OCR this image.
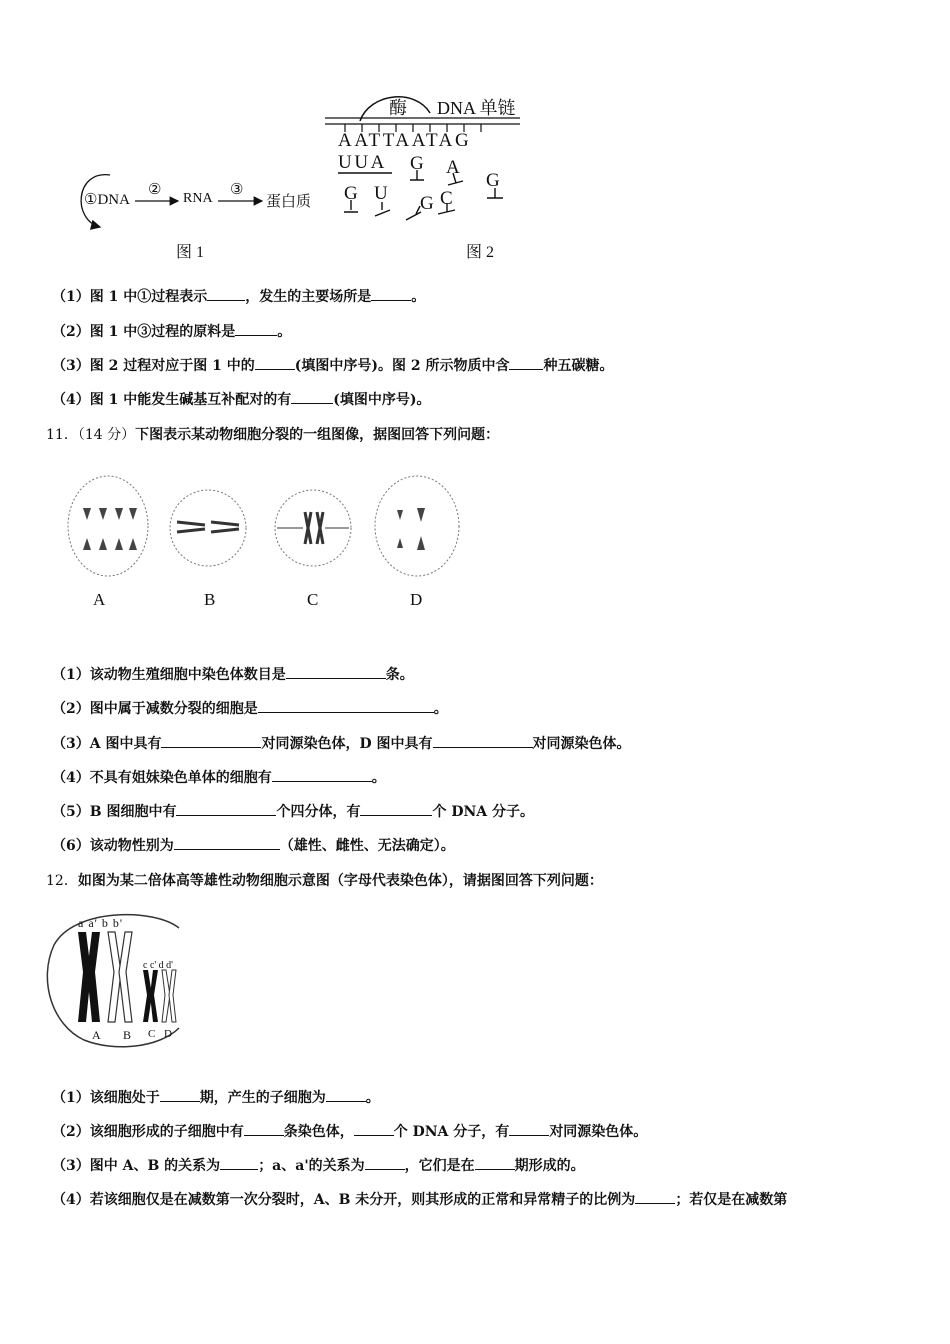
①DNA
②
RNA
③
蛋白质
图 1
酶 DNA 单链
AATTAATAG
UUA G A
G
G U G C
图 2
（1）图 1 中①过程表示	，发生的主要场所是	。
（2）图 1 中③过程的原料是	。
（3）图 2 过程对应于图 1 中的	(填图中序号)。图 2 所示物质中含 种五碳糖。
（4）图 1 中能发生碱基互补配对的有	(填图中序号)。
11．（14 分）下图表示某动物细胞分裂的一组图像，据图回答下列问题：
A	B	C	D
（1）该动物生殖细胞中染色体数目是	条。
（2）图中属于减数分裂的细胞是	。
（3）A 图中具有	对同源染色体，D 图中具有	对同源染色体。
（4）不具有姐妹染色单体的细胞有	。
（5）B 图细胞中有	个四分体，有	个 DNA 分子。
（6）该动物性别为	（雄性、雌性、无法确定）。
12．如图为某二倍体高等雄性动物细胞示意图（字母代表染色体），请据图回答下列问题：
a a' b b'
c c' d d'
A B C D
（1）该细胞处于	期，产生的子细胞为	。
（2）该细胞形成的子细胞中有	条染色体，	个 DNA 分子，有	对同源染色体。
（3）图中 A、B 的关系为	；a、a'的关系为	，它们是在	期形成的。
（4）若该细胞仅是在减数第一次分裂时，A、B 未分开，则其形成的正常和异常精子的比例为	；若仅是在减数第
